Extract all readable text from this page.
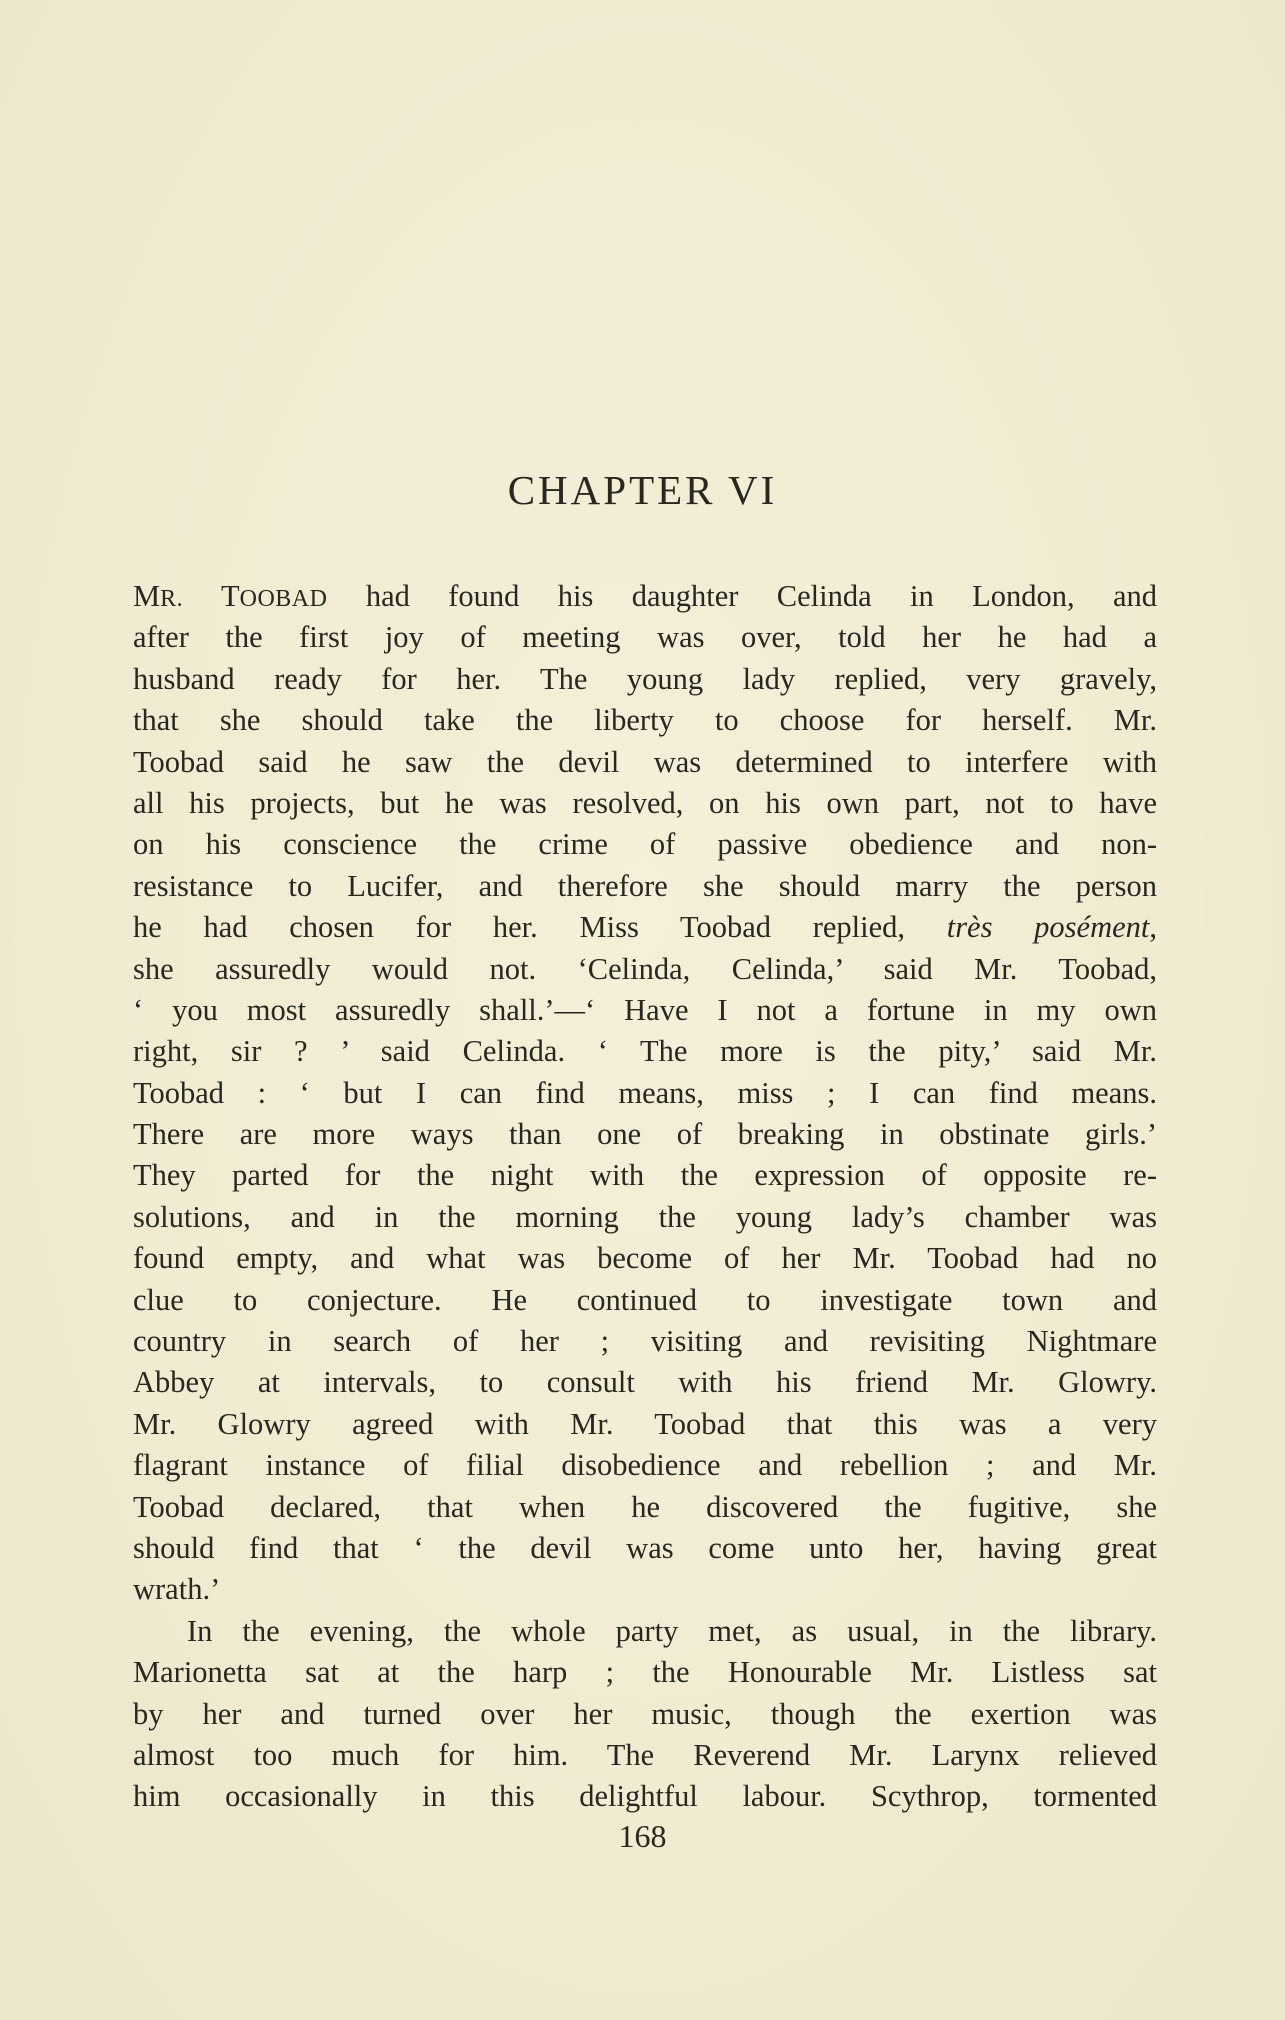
CHAPTER VI
MR. TOOBAD had found his daughter Celinda in London, and
after the first joy of meeting was over, told her he had a
husband ready for her. The young lady replied, very gravely,
that she should take the liberty to choose for herself. Mr.
Toobad said he saw the devil was determined to interfere with
all his projects, but he was resolved, on his own part, not to have
on his conscience the crime of passive obedience and non-
resistance to Lucifer, and therefore she should marry the person
he had chosen for her. Miss Toobad replied, très posément,
she assuredly would not. ‘Celinda, Celinda,’ said Mr. Toobad,
‘ you most assuredly shall.’—‘ Have I not a fortune in my own
right, sir ? ’ said Celinda. ‘ The more is the pity,’ said Mr.
Toobad : ‘ but I can find means, miss ; I can find means.
There are more ways than one of breaking in obstinate girls.’
They parted for the night with the expression of opposite re-
solutions, and in the morning the young lady’s chamber was
found empty, and what was become of her Mr. Toobad had no
clue to conjecture. He continued to investigate town and
country in search of her ; visiting and revisiting Nightmare
Abbey at intervals, to consult with his friend Mr. Glowry.
Mr. Glowry agreed with Mr. Toobad that this was a very
flagrant instance of filial disobedience and rebellion ; and Mr.
Toobad declared, that when he discovered the fugitive, she
should find that ‘ the devil was come unto her, having great
wrath.’
In the evening, the whole party met, as usual, in the library.
Marionetta sat at the harp ; the Honourable Mr. Listless sat
by her and turned over her music, though the exertion was
almost too much for him. The Reverend Mr. Larynx relieved
him occasionally in this delightful labour. Scythrop, tormented
168
